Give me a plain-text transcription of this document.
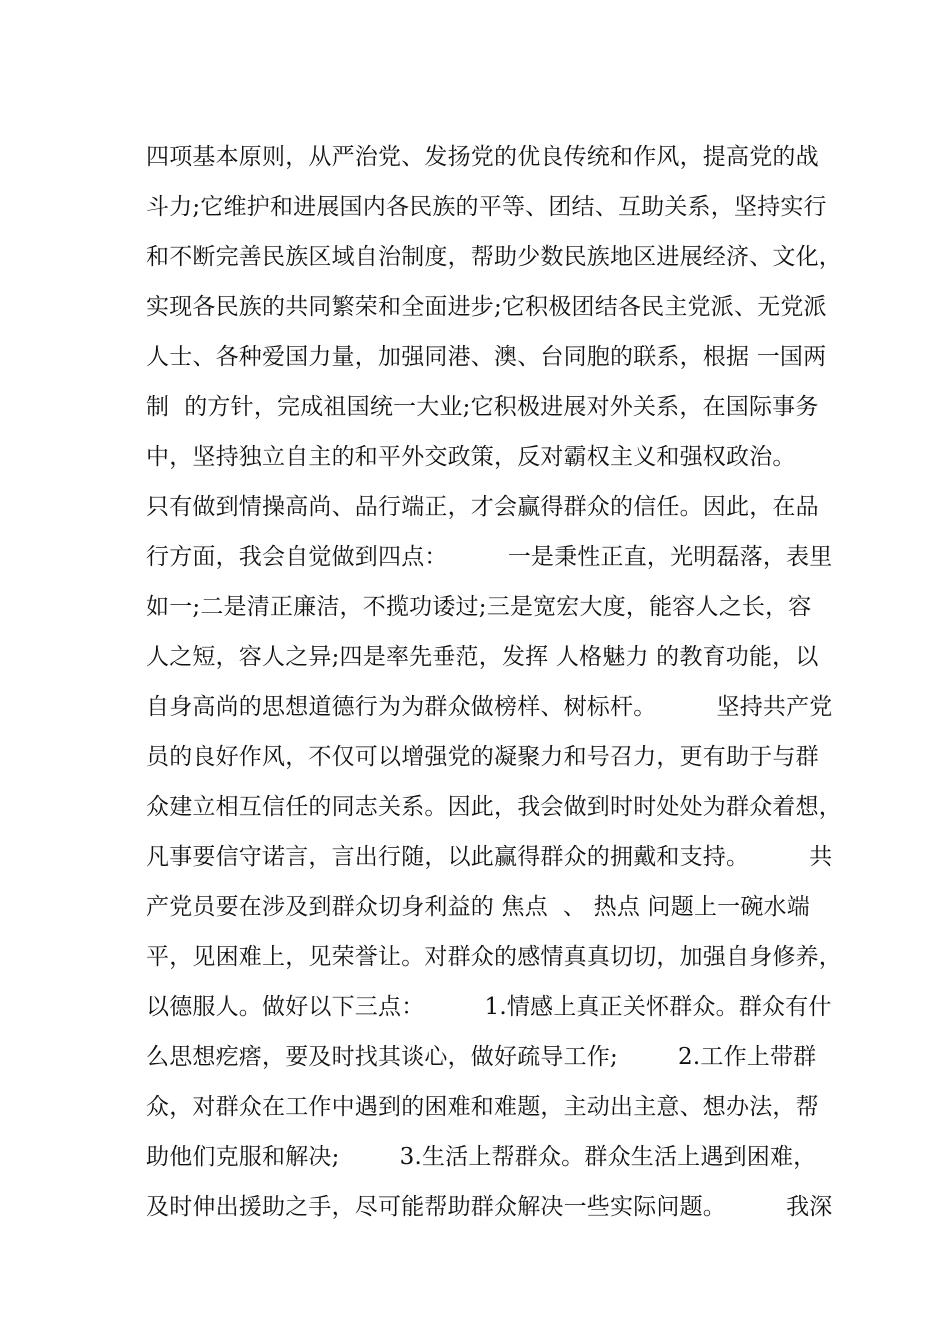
四项基本原则，从严治党、发扬党的优良传统和作风，提高党的战
斗力;它维护和进展国内各民族的平等、团结、互助关系，坚持实行
和不断完善民族区域自治制度，帮助少数民族地区进展经济、文化，
实现各民族的共同繁荣和全面进步;它积极团结各民主党派、无党派
人士、各种爱国力量，加强同港、澳、台同胞的联系，根据 一国两
制  的方针，完成祖国统一大业;它积极进展对外关系，在国际事务
中，坚持独立自主的和平外交政策，反对霸权主义和强权政治。
只有做到情操高尚、品行端正，才会赢得群众的信任。因此，在品
行方面，我会自觉做到四点：        一是秉性正直，光明磊落，表里
如一;二是清正廉洁，不揽功诿过;三是宽宏大度，能容人之长，容
人之短，容人之异;四是率先垂范，发挥 人格魅力 的教育功能，以
自身高尚的思想道德行为为群众做榜样、树标杆。        坚持共产党
员的良好作风，不仅可以增强党的凝聚力和号召力，更有助于与群
众建立相互信任的同志关系。因此，我会做到时时处处为群众着想，
凡事要信守诺言，言出行随，以此赢得群众的拥戴和支持。        共
产党员要在涉及到群众切身利益的 焦点  、 热点 问题上一碗水端
平，见困难上，见荣誉让。对群众的感情真真切切，加强自身修养，
以德服人。做好以下三点：        1.情感上真正关怀群众。群众有什
么思想疙瘩，要及时找其谈心，做好疏导工作;        2.工作上带群
众，对群众在工作中遇到的困难和难题，主动出主意、想办法，帮
助他们克服和解决;        3.生活上帮群众。群众生活上遇到困难，
及时伸出援助之手，尽可能帮助群众解决一些实际问题。        我深
